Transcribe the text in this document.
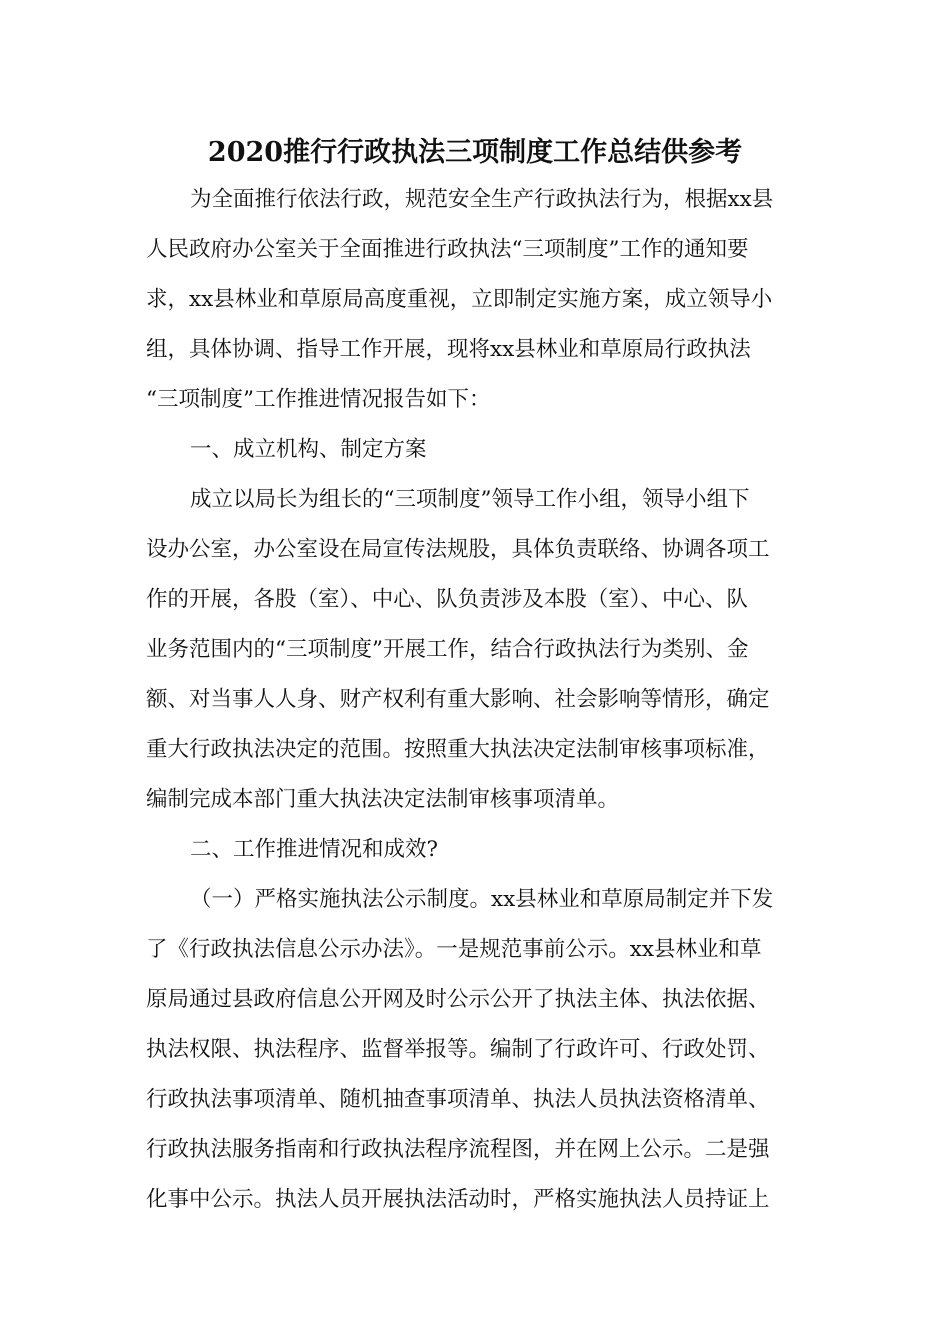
2020推行行政执法三项制度工作总结供参考
为全面推行依法行政，规范安全生产行政执法行为，根据xx县
人民政府办公室关于全面推进行政执法“三项制度”工作的通知要
求，xx县林业和草原局高度重视，立即制定实施方案，成立领导小
组，具体协调、指导工作开展，现将xx县林业和草原局行政执法
“三项制度”工作推进情况报告如下：
一、成立机构、制定方案
成立以局长为组长的“三项制度”领导工作小组，领导小组下
设办公室，办公室设在局宣传法规股，具体负责联络、协调各项工
作的开展，各股（室）、中心、队负责涉及本股（室）、中心、队
业务范围内的“三项制度”开展工作，结合行政执法行为类别、金
额、对当事人人身、财产权利有重大影响、社会影响等情形，确定
重大行政执法决定的范围。按照重大执法决定法制审核事项标准，
编制完成本部门重大执法决定法制审核事项清单。
二、工作推进情况和成效?
（一）严格实施执法公示制度。xx县林业和草原局制定并下发
了《行政执法信息公示办法》。一是规范事前公示。xx县林业和草
原局通过县政府信息公开网及时公示公开了执法主体、执法依据、
执法权限、执法程序、监督举报等。编制了行政许可、行政处罚、
行政执法事项清单、随机抽查事项清单、执法人员执法资格清单、
行政执法服务指南和行政执法程序流程图，并在网上公示。二是强
化事中公示。执法人员开展执法活动时，严格实施执法人员持证上
